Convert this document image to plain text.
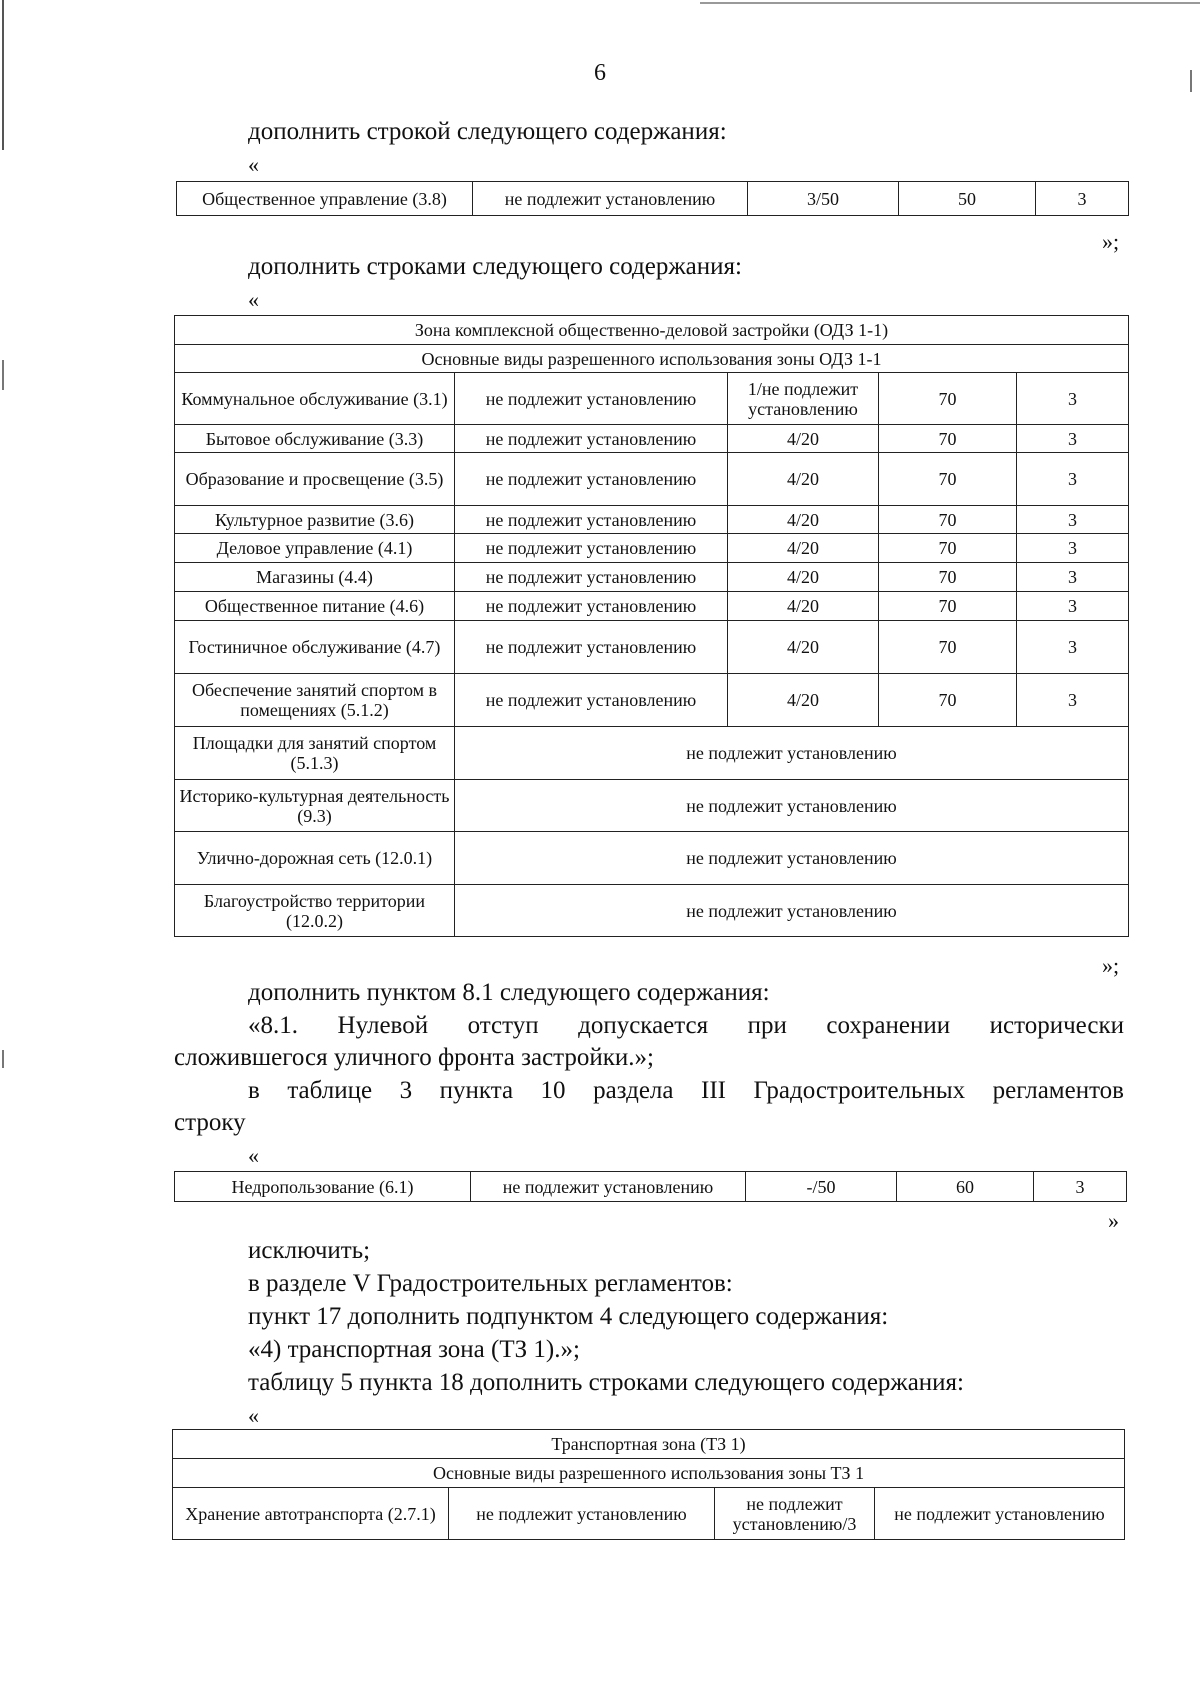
6
дополнить строкой следующего содержания:
«
Общественное управление (3.8)	не подлежит установлению	3/50	50	3
»;
дополнить строками следующего содержания:
«
Зона комплексной общественно-деловой застройки (ОДЗ 1-1)				
Основные виды разрешенного использования зоны ОДЗ 1-1				
Коммунальное обслуживание (3.1)	не подлежит установлению	1/не подлежит установлению	70	3
Бытовое обслуживание (3.3)	не подлежит установлению	4/20	70	3
Образование и просвещение (3.5)	не подлежит установлению	4/20	70	3
Культурное развитие (3.6)	не подлежит установлению	4/20	70	3
Деловое управление (4.1)	не подлежит установлению	4/20	70	3
Магазины (4.4)	не подлежит установлению	4/20	70	3
Общественное питание (4.6)	не подлежит установлению	4/20	70	3
Гостиничное обслуживание (4.7)	не подлежит установлению	4/20	70	3
Обеспечение занятий спортом в помещениях (5.1.2)	не подлежит установлению	4/20	70	3
Площадки для занятий спортом (5.1.3)	не подлежит установлению			
Историко-культурная деятельность (9.3)	не подлежит установлению			
Улично-дорожная сеть (12.0.1)	не подлежит установлению			
Благоустройство территории (12.0.2)	не подлежит установлению			
»;
дополнить пунктом 8.1 следующего содержания:
«8.1. Нулевой отступ допускается при сохранении исторически
сложившегося уличного фронта застройки.»;
в таблице 3 пункта 10 раздела III Градостроительных регламентов
строку
«
Недропользование (6.1)	не подлежит установлению	-/50	60	3
»
исключить;
в разделе V Градостроительных регламентов:
пункт 17 дополнить подпунктом 4 следующего содержания:
«4) транспортная зона (ТЗ 1).»;
таблицу 5 пункта 18 дополнить строками следующего содержания:
«
Транспортная зона (ТЗ 1)
Основные виды разрешенного использования зоны ТЗ 1
Хранение автотранспорта (2.7.1)	не подлежит установлению	не подлежит установлению/3	не подлежит установлению
